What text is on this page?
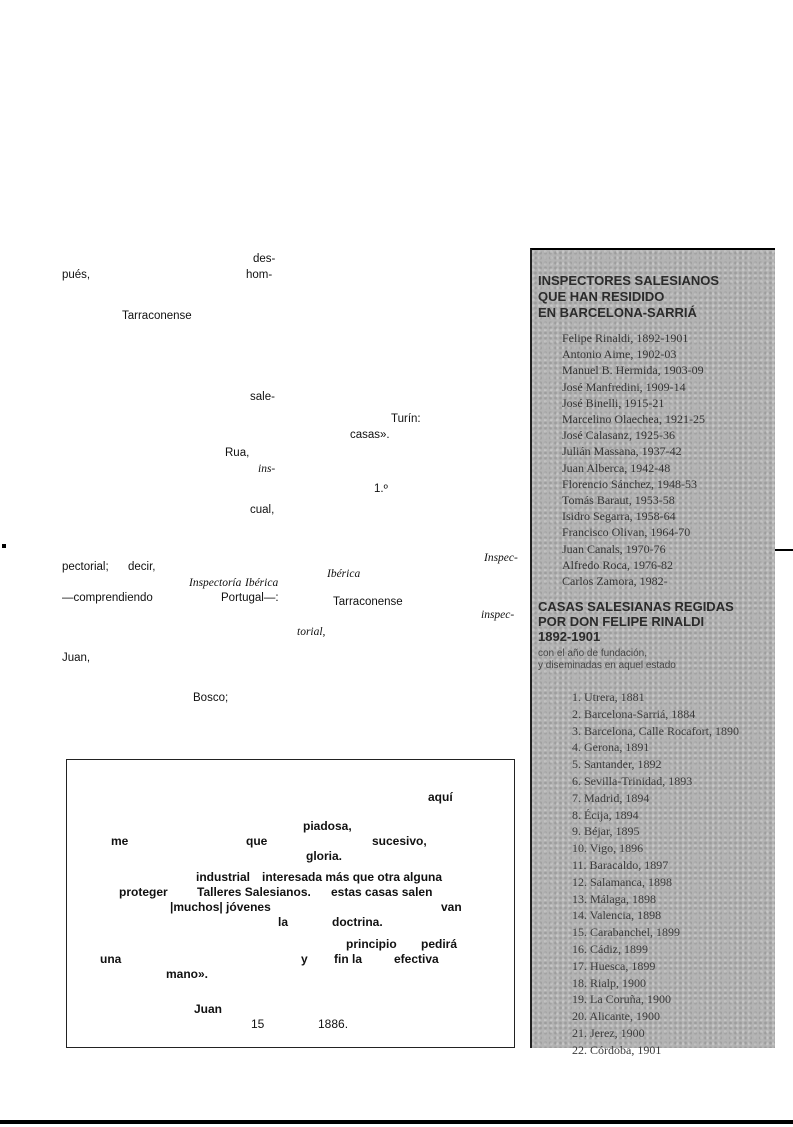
des-
pués,	hom-
Tarraconense
sale-
Turín:
casas».
Rua,
ins-
1.º
cual,
Inspec-
pectorial; decir,
Ibérica
Inspectoría Ibérica
—comprendiendo	Portugal—:	Tarraconense
inspec-
torial,
Juan,
Bosco;
INSPECTORES SALESIANOS
QUE HAN RESIDIDO
EN BARCELONA-SARRIÁ
Felipe Rinaldi, 1892-1901
Antonio Aime, 1902-03
Manuel B. Hermida, 1903-09
José Manfredini, 1909-14
José Binelli, 1915-21
Marcelino Olaechea, 1921-25
José Calasanz, 1925-36
Julián Massana, 1937-42
Juan Alberca, 1942-48
Florencio Sánchez, 1948-53
Tomás Baraut, 1953-58
Isidro Segarra, 1958-64
Francisco Olivan, 1964-70
Juan Canals, 1970-76
Alfredo Roca, 1976-82
Carlos Zamora, 1982-
CASAS SALESIANAS REGIDAS
POR DON FELIPE RINALDI
1892-1901
con el año de fundación,
y diseminadas en aquel estado
1. Utrera, 1881
2. Barcelona-Sarriá, 1884
3. Barcelona, Calle Rocafort, 1890
4. Gerona, 1891
5. Santander, 1892
6. Sevilla-Trinidad, 1893
7. Madrid, 1894
8. Écija, 1894
9. Béjar, 1895
10. Vigo, 1896
11. Baracaldo, 1897
12. Salamanca, 1898
13. Málaga, 1898
14. Valencia, 1898
15. Carabanchel, 1899
16. Cádiz, 1899
17. Huesca, 1899
18. Rialp, 1900
19. La Coruña, 1900
20. Alicante, 1900
21. Jerez, 1900
22. Córdoba, 1901
aquí
piadosa,
me	que	sucesivo,
gloria.
industrial interesada más que otra alguna
proteger Talleres Salesianos. estas casas salen
|muchos| jóvenes	van
la	doctrina.
principio pedirá
una	y fin la	efectiva
mano».
Juan
15	1886.
